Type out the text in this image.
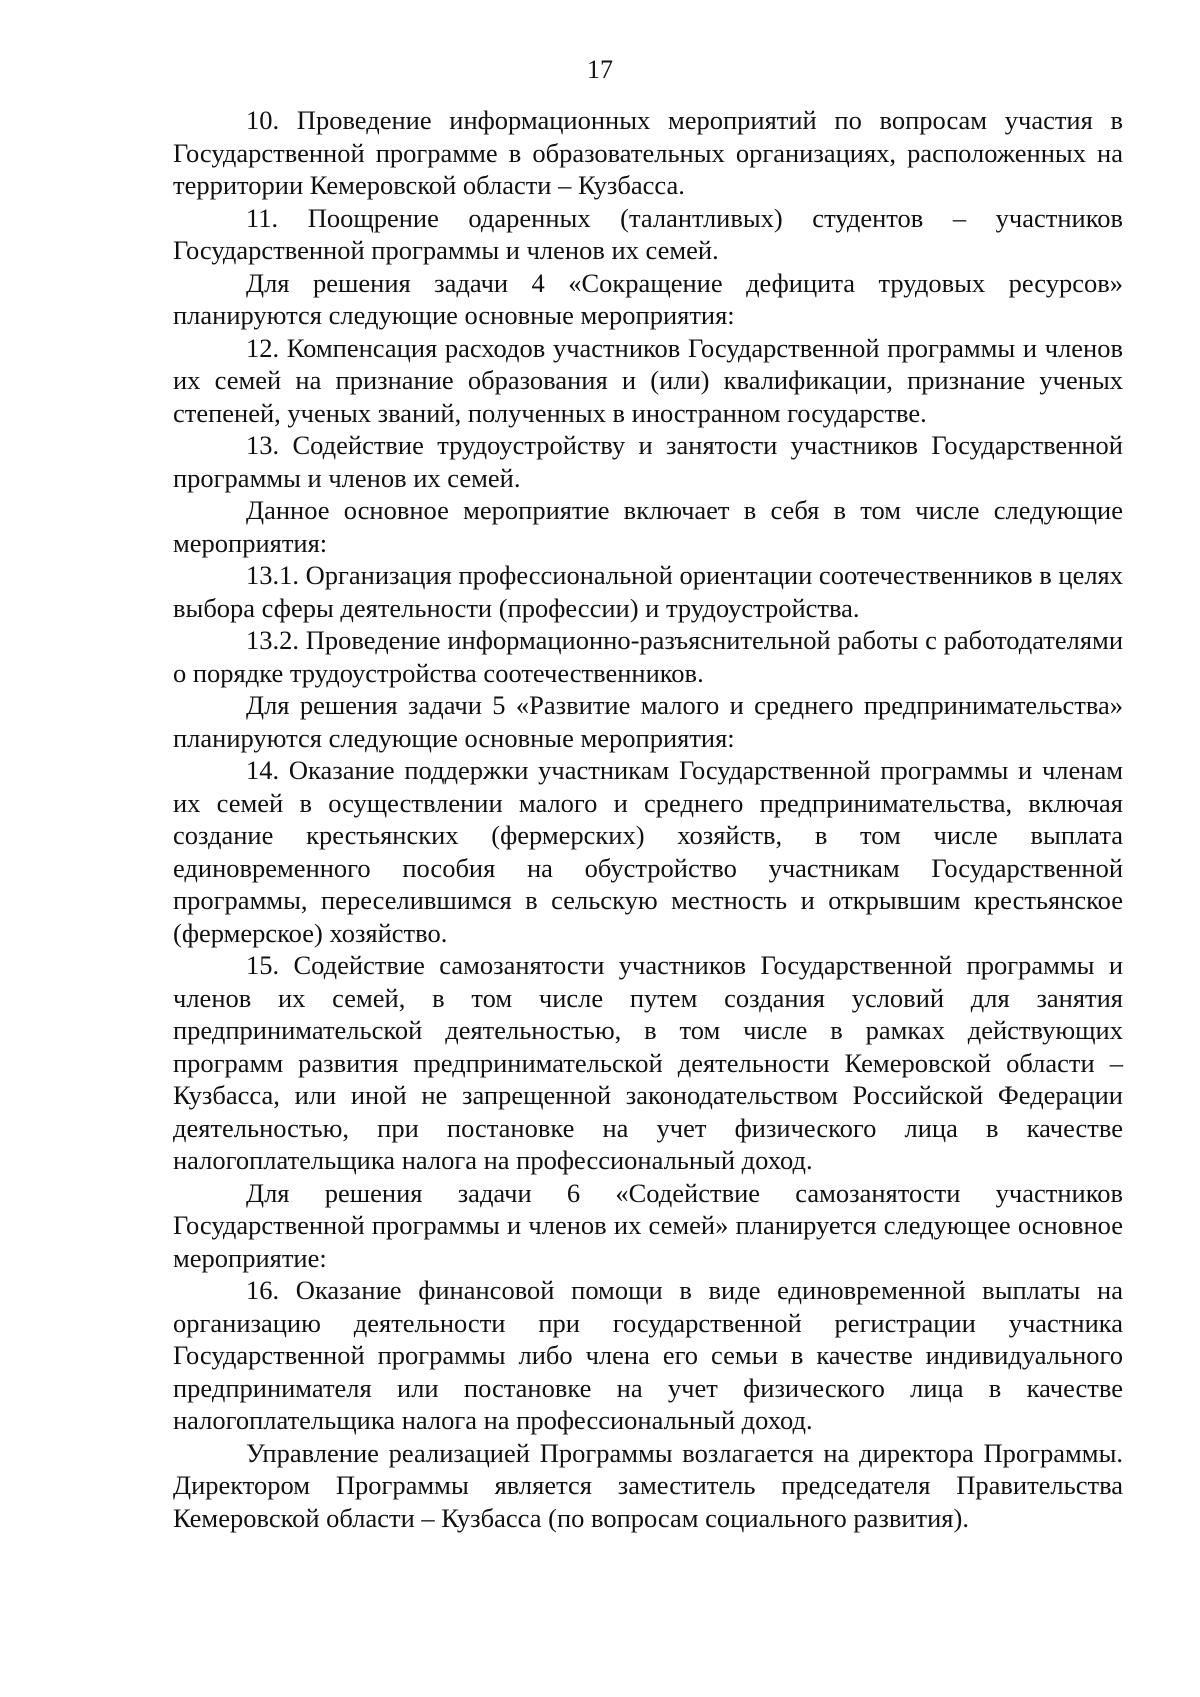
17

10. Проведение информационных мероприятий по вопросам участия в Государственной программе в образовательных организациях, расположенных на территории Кемеровской области – Кузбасса.

11. Поощрение одаренных (талантливых) студентов – участников Государственной программы и членов их семей.

Для решения задачи 4 «Сокращение дефицита трудовых ресурсов» планируются следующие основные мероприятия:

12. Компенсация расходов участников Государственной программы и членов их семей на признание образования и (или) квалификации, признание ученых степеней, ученых званий, полученных в иностранном государстве.

13. Содействие трудоустройству и занятости участников Государственной программы и членов их семей.

Данное основное мероприятие включает в себя в том числе следующие мероприятия:

13.1. Организация профессиональной ориентации соотечественников в целях выбора сферы деятельности (профессии) и трудоустройства.

13.2. Проведение информационно-разъяснительной работы с работодателями о порядке трудоустройства соотечественников.

Для решения задачи 5 «Развитие малого и среднего предпринимательства» планируются следующие основные мероприятия:

14. Оказание поддержки участникам Государственной программы и членам их семей в осуществлении малого и среднего предпринимательства, включая создание крестьянских (фермерских) хозяйств, в том числе выплата единовременного пособия на обустройство участникам Государственной программы, переселившимся в сельскую местность и открывшим крестьянское (фермерское) хозяйство.

15. Содействие самозанятости участников Государственной программы и членов их семей, в том числе путем создания условий для занятия предпринимательской деятельностью, в том числе в рамках действующих программ развития предпринимательской деятельности Кемеровской области – Кузбасса, или иной не запрещенной законодательством Российской Федерации деятельностью, при постановке на учет физического лица в качестве налогоплательщика налога на профессиональный доход.

Для решения задачи 6 «Содействие самозанятости участников Государственной программы и членов их семей» планируется следующее основное мероприятие:

16. Оказание финансовой помощи в виде единовременной выплаты на организацию деятельности при государственной регистрации участника Государственной программы либо члена его семьи в качестве индивидуального предпринимателя или постановке на учет физического лица в качестве налогоплательщика налога на профессиональный доход.

Управление реализацией Программы возлагается на директора Программы. Директором Программы является заместитель председателя Правительства Кемеровской области – Кузбасса (по вопросам социального развития).
